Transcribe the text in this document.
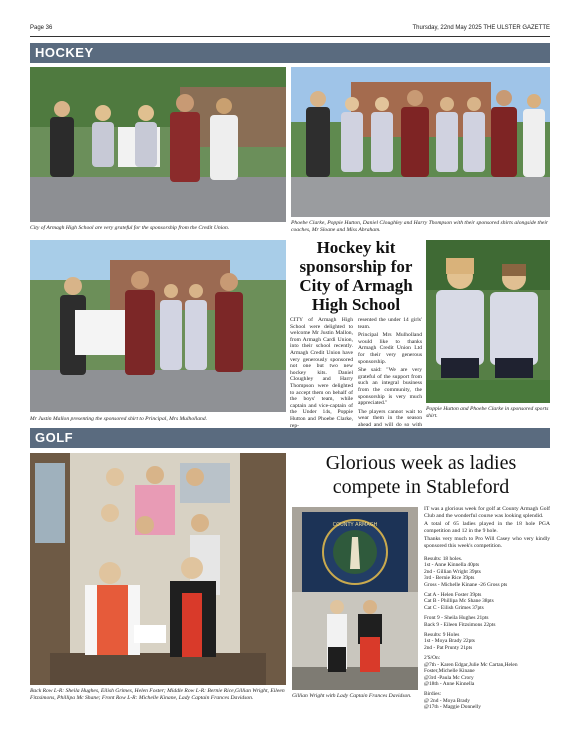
Page 36	Thursday, 22nd May 2025 THE ULSTER GAZETTE
HOCKEY
City of Armagh High School are very grateful for the sponsorship from the Credit Union.
Phoebe Clarke, Poppie Hutton, Daniel Cloughley and Harry Thompson with their sponsored shirts alongside their coaches, Mr Sloane and Miss Abraham.
Mr Justin Mallon presenting the sponsored shirt to Principal, Mrs Mulholland.
Hockey kit sponsorship for City of Armagh High School

CITY of Armagh High School were delighted to welcome Mr Justin Mallon, from Armagh Cardi Union, into their school recently. Armagh Credit Union have very generously sponsored not one but two new hockey kits. Daniel Cloughley and Harry Thompson were delighted to accept them on behalf of the boys' team, while captain and vice-captain of the Under 14s, Poppie Hutton and Phoebe Clarke, rep-

resented the under 14 girls' team.

Principal Mrs Mulholland would like to thanks Armagh Credit Union Ltd for their very generous sponsorship.

She said: "We are very grateful of the support from such an integral business from the community, the sponsorship is very much appreciated."

The players cannot wait to wear them in the season ahead and will do so with

Poppie Hutton and Phoebe Clarke in sponsored sports shirt.
GOLF
Back Row L-R: Sheila Hughes, Eilish Grimes, Helen Foster; Middle Row L-R: Bernie Rice,Gillian Wright, Eileen Fitzsimons, Phillipa Mc Shane; Front Row L-R: Michelle Kinane, Lady Captain Frances Davidson.
Glorious week as ladies compete in Stableford
COUNTY ARMAGH
Gillian Wright with Lady Captain Frances Davidson.

IT was a glorious week for golf at County Armagh Golf Club and the wonderful course was looking splendid.

A total of 65 ladies played in the 18 hole PGA competition and 12 in the 9 hole.

Thanks very much to Pro Will Casey who very kindly sponsored this week's competition.

Results: 18 holes.
1st - Anne Kinnella 40pts
2nd - Gillian Wright 39pts
3rd - Bernie Rice 39pts
Gross - Michelle Kinane -26 Gross pts
Cat A - Helen Foster 39pts
Cat B - Phillipa Mc Shane 38pts
Cat C - Eilish Grimes 37pts
Front 9 - Sheila Hughes 21pts
Back 9 - Eileen Fitzsimons 22pts
Results: 9 Holes
1st - Moya Brady 22pts
2nd - Pat Prunty 21pts
2'S/On:
@7th - Karen Edgar,Julie Mc Cartan,Helen Foster,Michelle Kinane
@3rd -Paula Mc Crory
@18th - Anne Kinnella
Birdies:
@ 2nd - Moya Brady
@17th - Maggie Donnelly
